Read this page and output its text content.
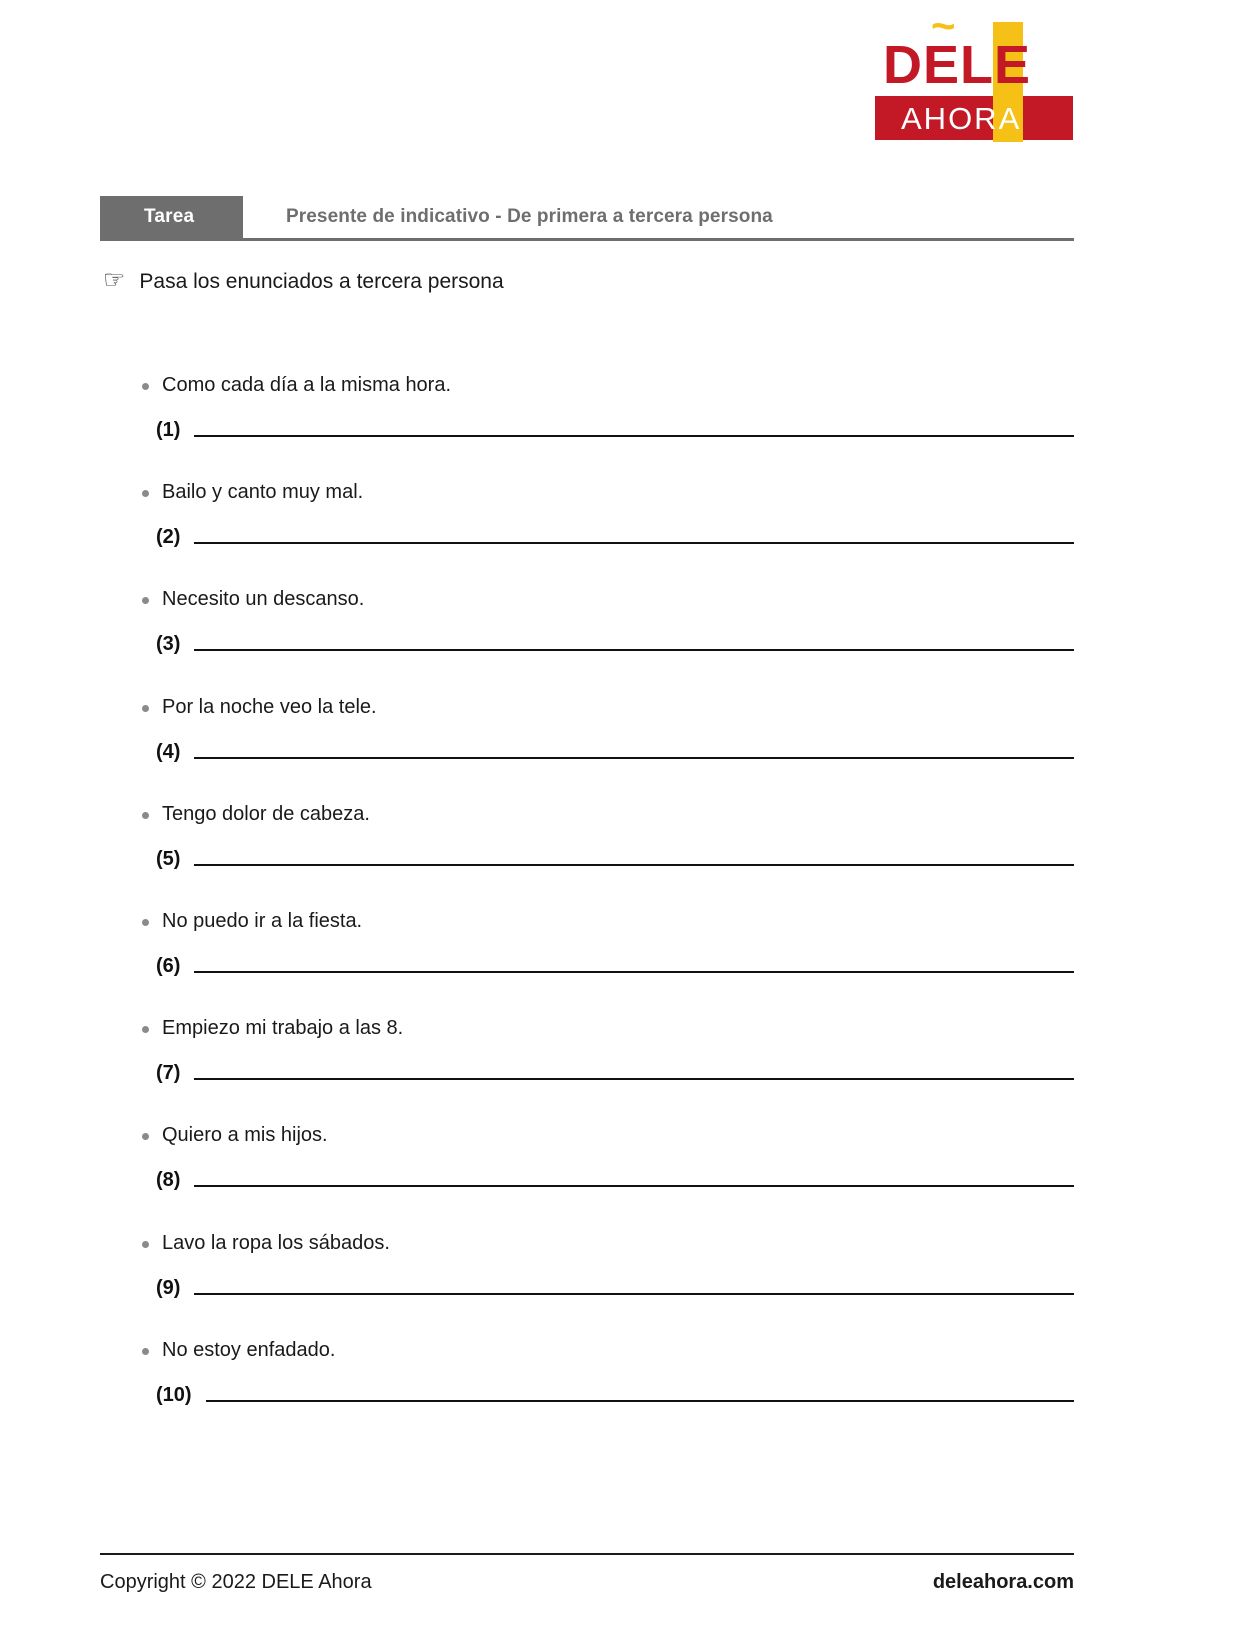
DELE
~
AHORA
Tarea	Presente de indicativo - De primera a tercera persona
☞ Pasa los enunciados a tercera persona
Como cada día a la misma hora.
(1)
Bailo y canto muy mal.
(2)
Necesito un descanso.
(3)
Por la noche veo la tele.
(4)
Tengo dolor de cabeza.
(5)
No puedo ir a la fiesta.
(6)
Empiezo mi trabajo a las 8.
(7)
Quiero a mis hijos.
(8)
Lavo la ropa los sábados.
(9)
No estoy enfadado.
(10)
Copyright © 2022 DELE Ahora	deleahora.com
